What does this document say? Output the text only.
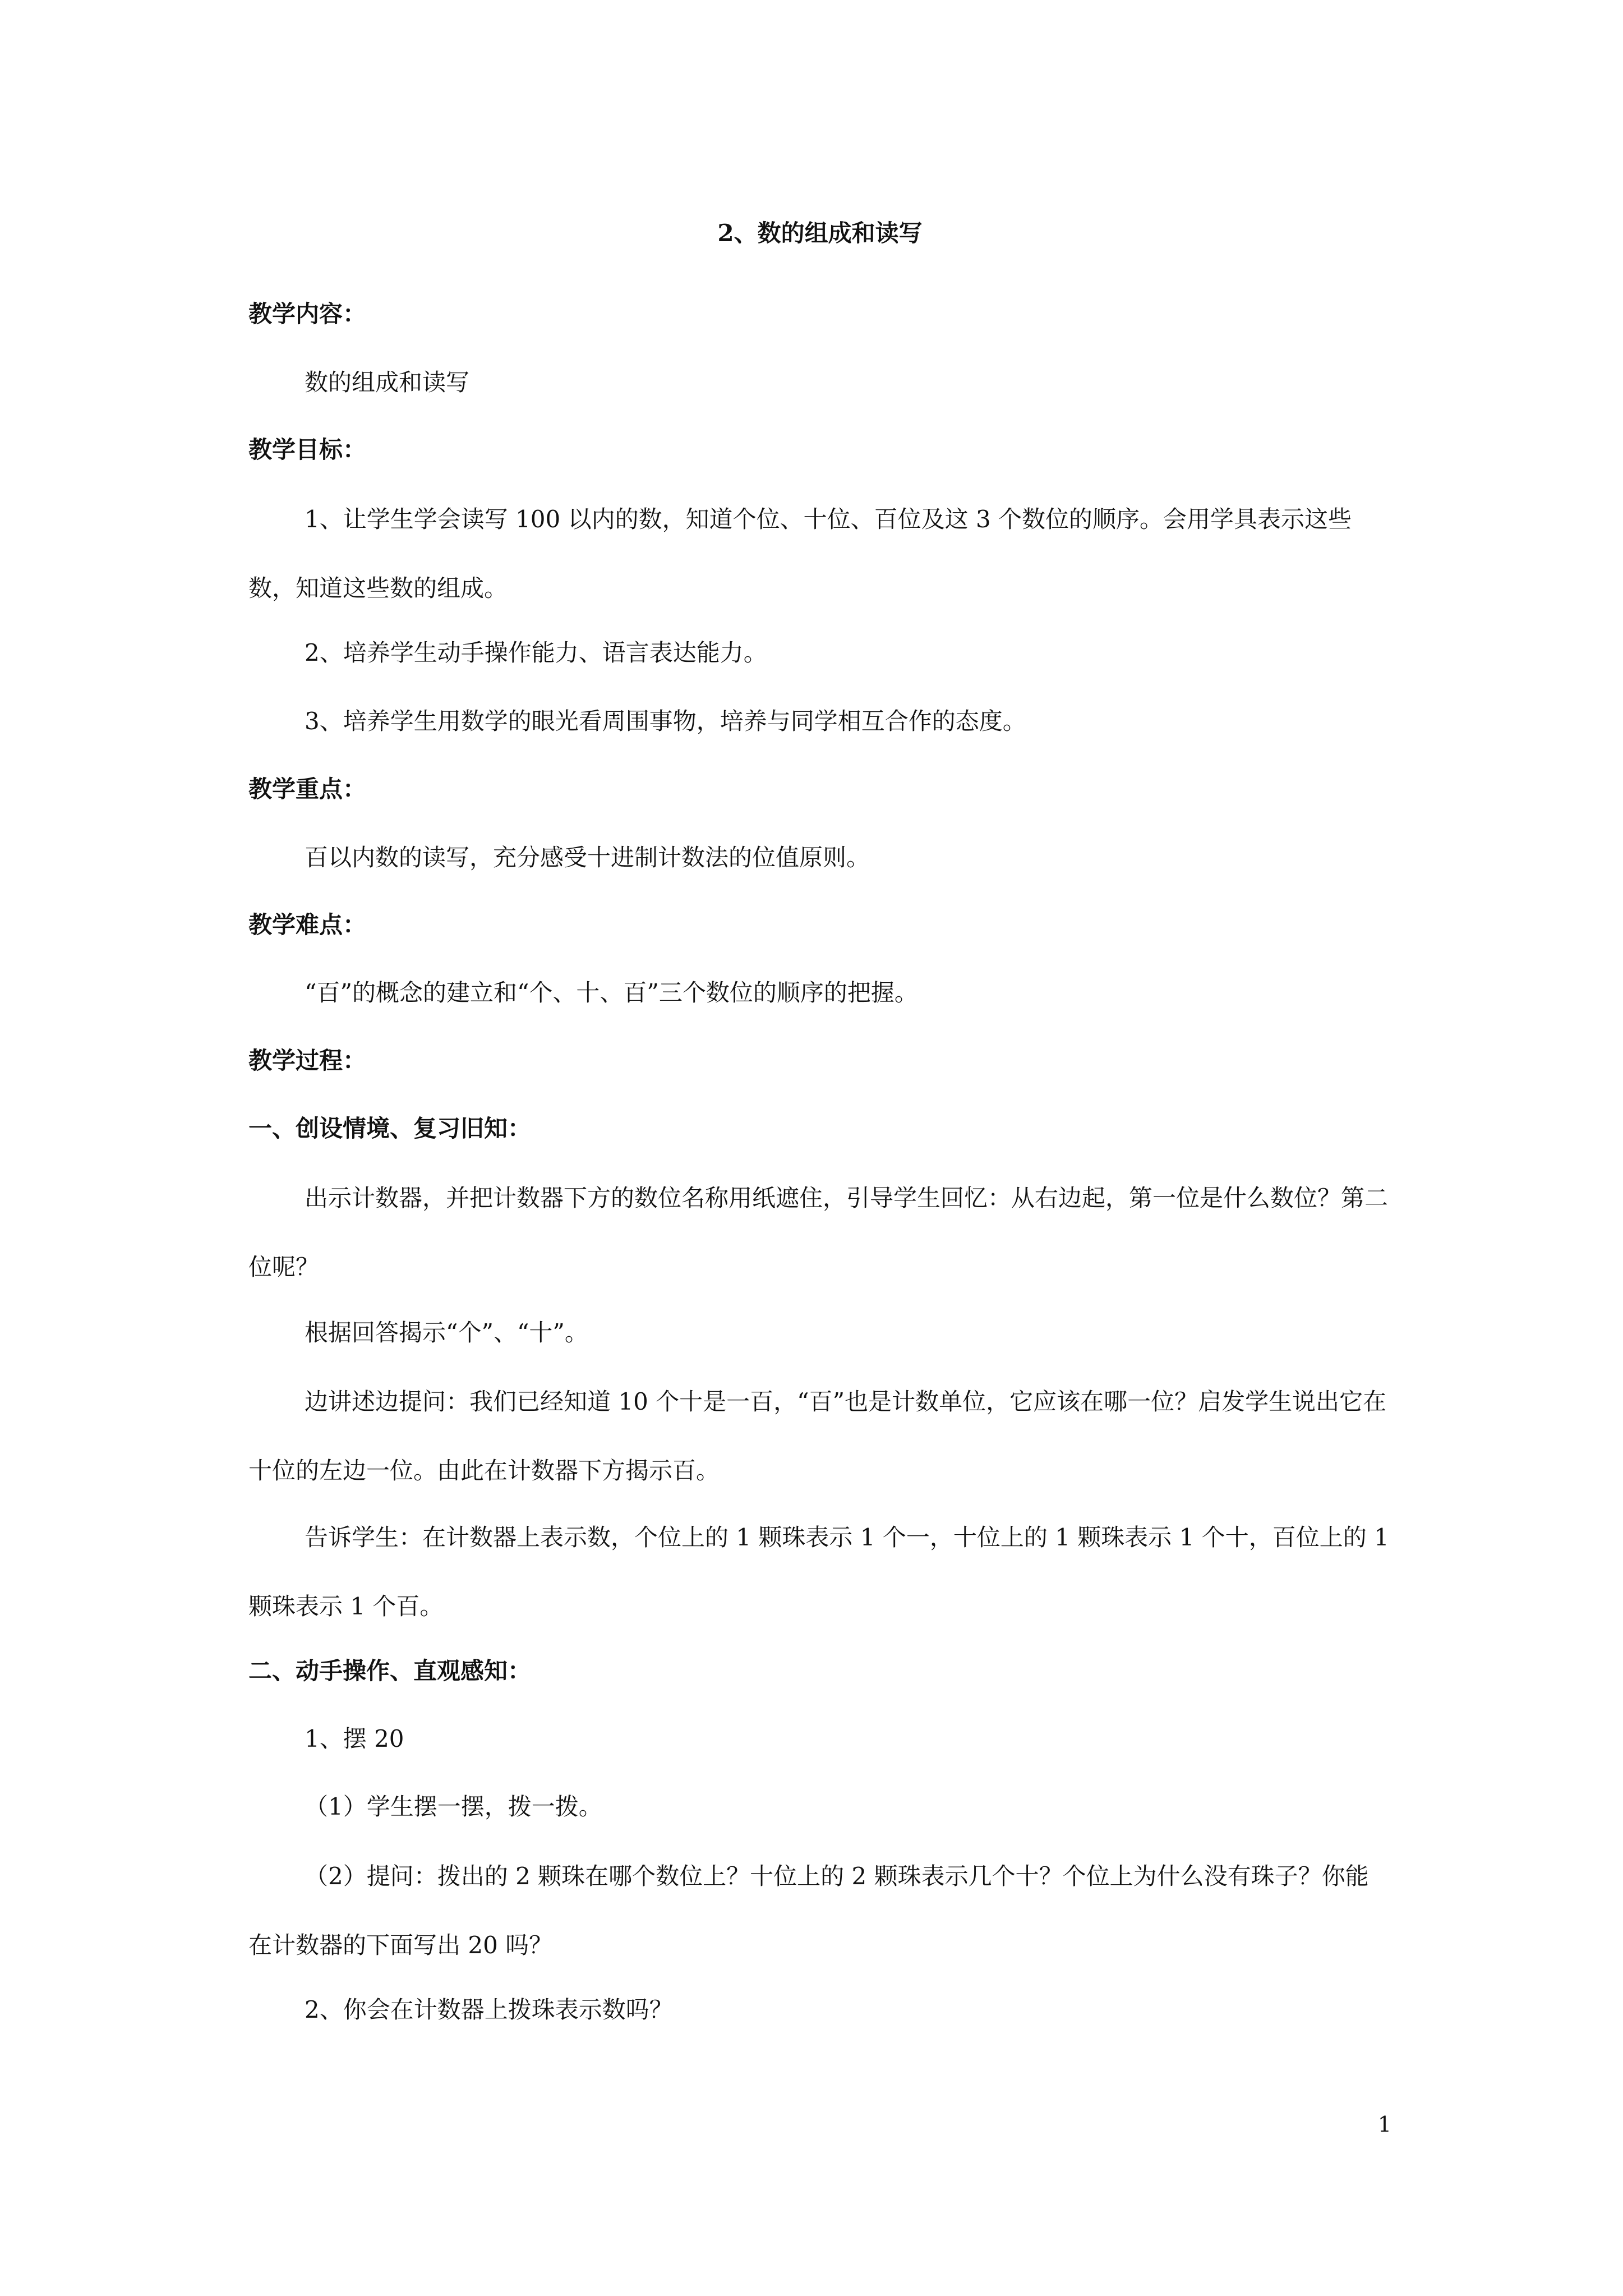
2、数的组成和读写

教学内容：

数的组成和读写

教学目标：

1、让学生学会读写 100 以内的数，知道个位、十位、百位及这 3 个数位的顺序。会用学具表示这些数，知道这些数的组成。

2、培养学生动手操作能力、语言表达能力。

3、培养学生用数学的眼光看周围事物，培养与同学相互合作的态度。

教学重点：

百以内数的读写，充分感受十进制计数法的位值原则。

教学难点：

“百”的概念的建立和“个、十、百”三个数位的顺序的把握。

教学过程：

一、创设情境、复习旧知：

出示计数器，并把计数器下方的数位名称用纸遮住，引导学生回忆：从右边起，第一位是什么数位？第二位呢？

根据回答揭示“个”、“十”。

边讲述边提问：我们已经知道 10 个十是一百，“百”也是计数单位，它应该在哪一位？启发学生说出它在十位的左边一位。由此在计数器下方揭示百。

告诉学生：在计数器上表示数，个位上的 1 颗珠表示 1 个一，十位上的 1 颗珠表示 1 个十，百位上的 1 颗珠表示 1 个百。

二、动手操作、直观感知：

1、摆 20

（1）学生摆一摆，拨一拨。

（2）提问：拨出的 2 颗珠在哪个数位上？十位上的 2 颗珠表示几个十？个位上为什么没有珠子？你能在计数器的下面写出 20 吗？

2、你会在计数器上拨珠表示数吗？

1
